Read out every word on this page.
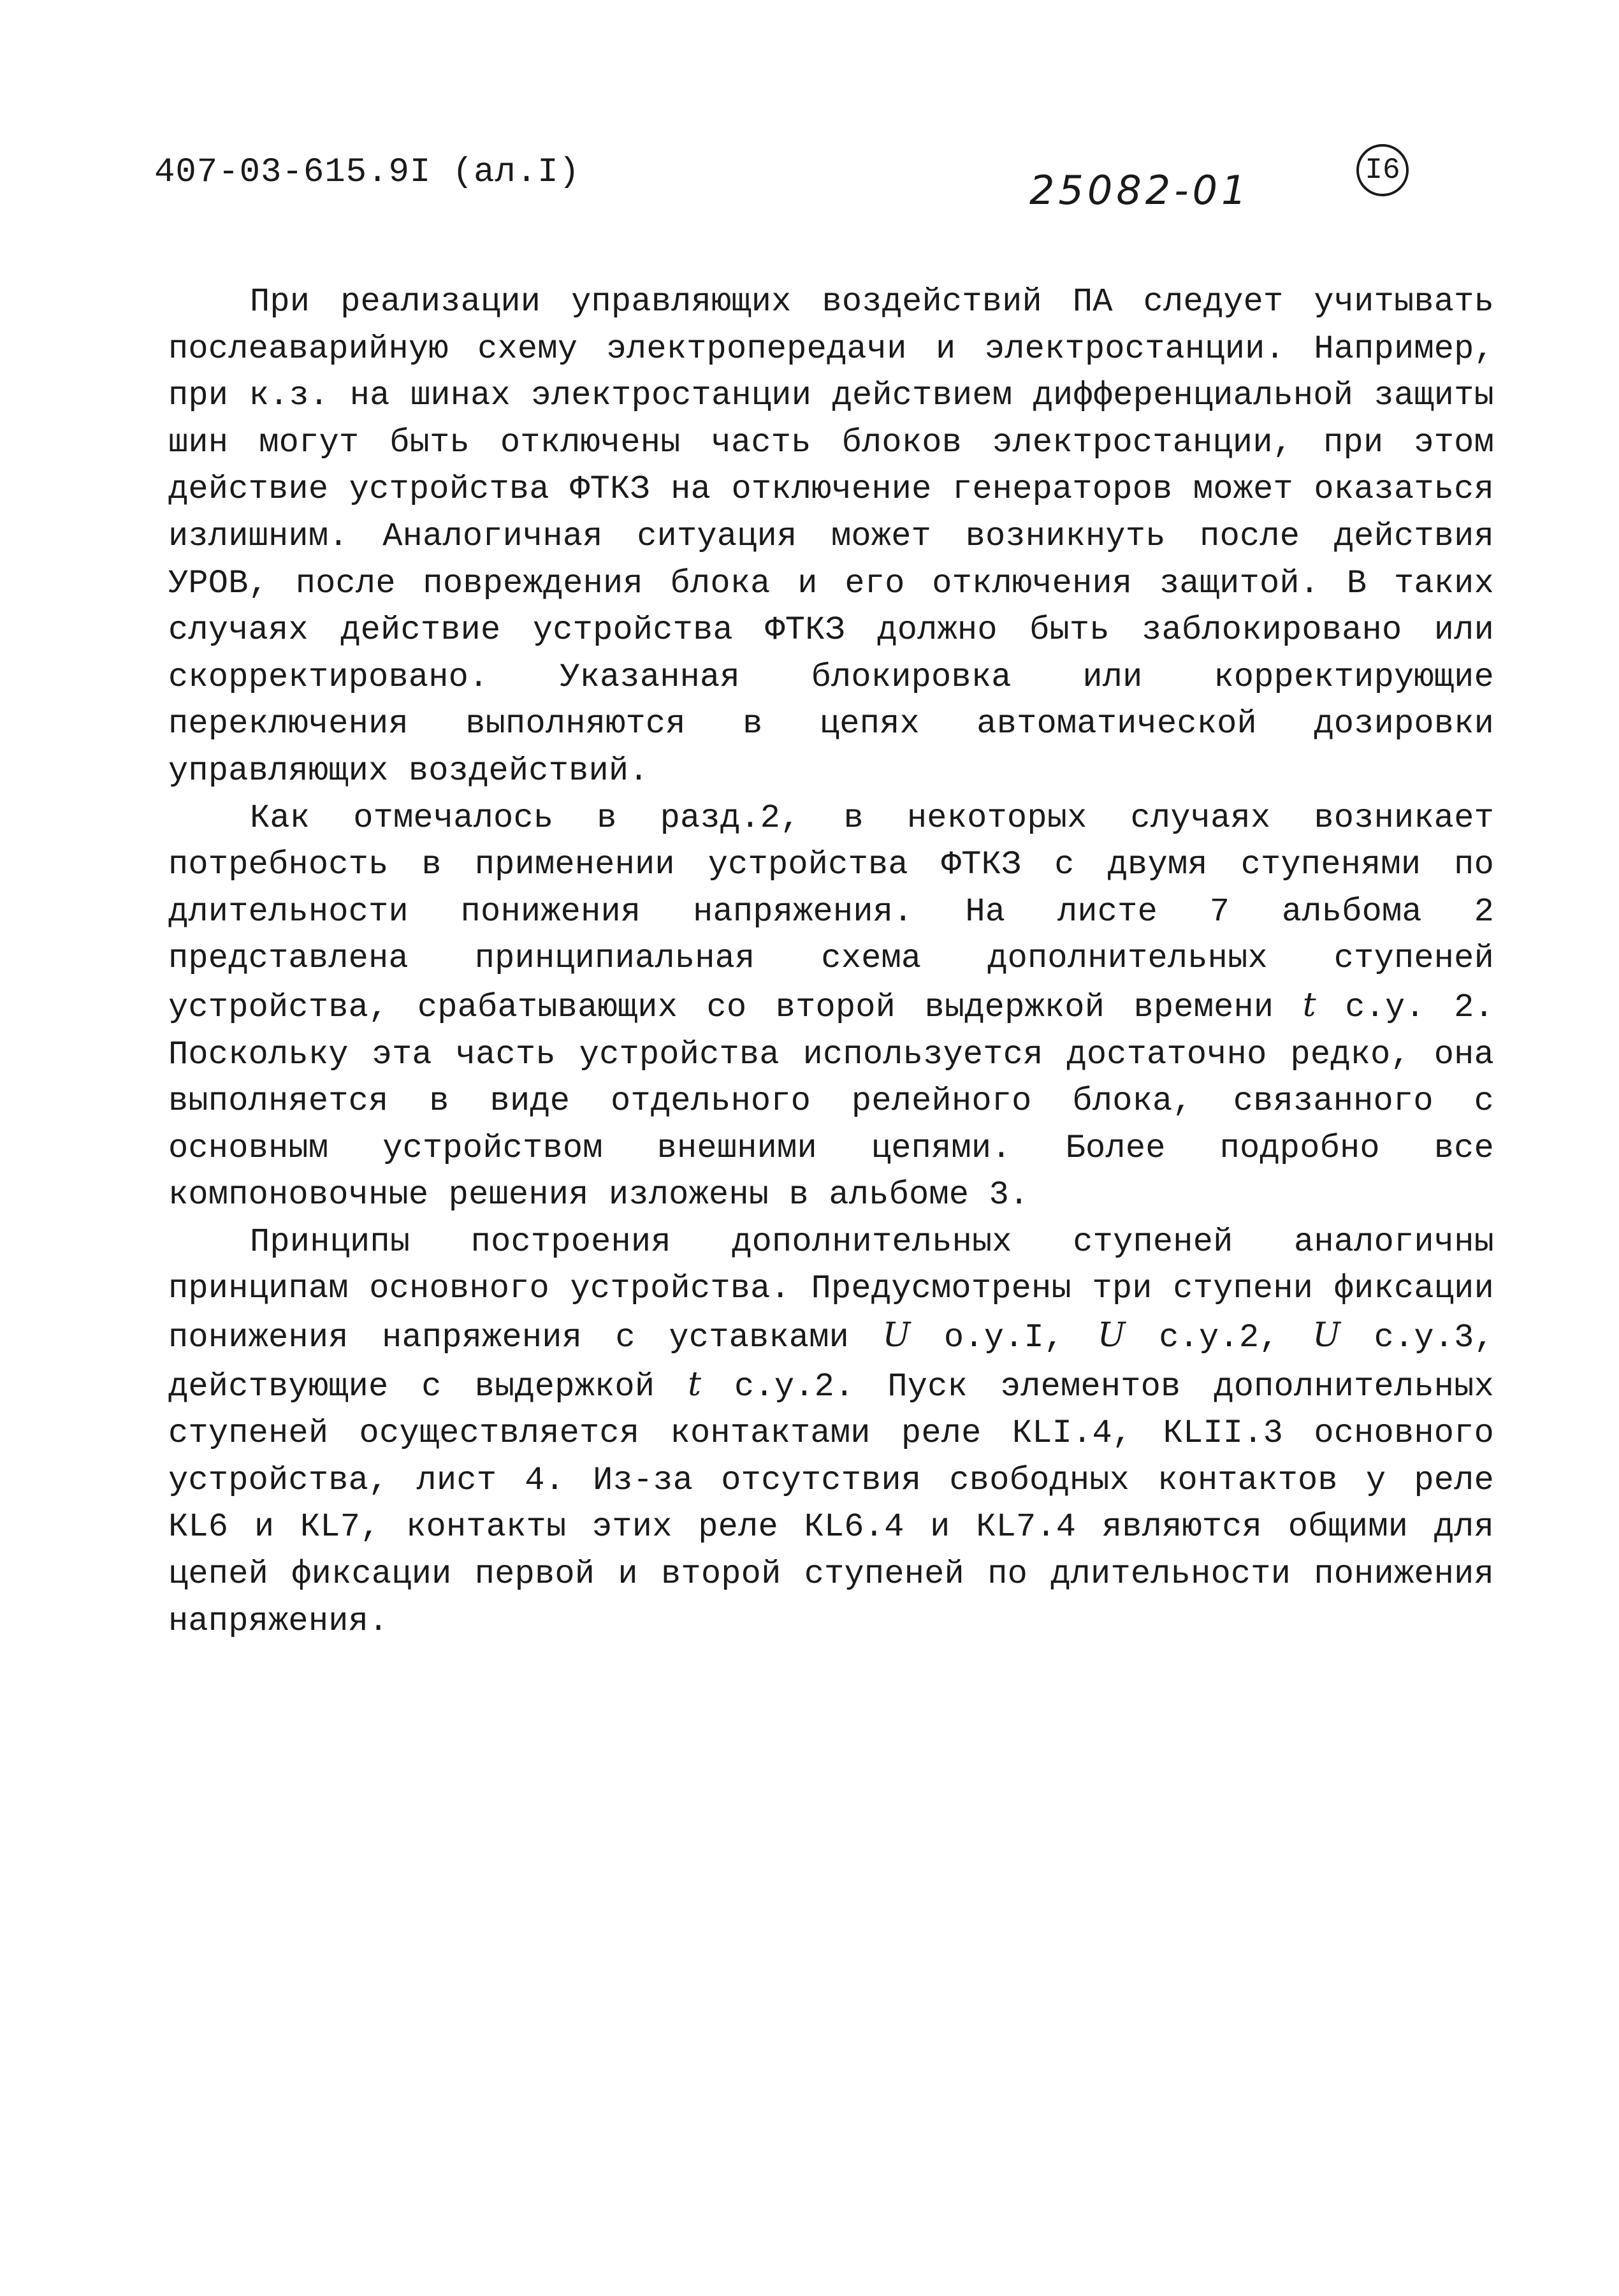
407-03-615.9I (ал.I)	25082-01	I6

При реализации управляющих воздействий ПА следует учитывать послеаварийную схему электропередачи и электростанции. Например, при к.з. на шинах электростанции действием дифференциальной защиты шин могут быть отключены часть блоков электростанции, при этом действие устройства ФТКЗ на отключение генераторов может оказаться излишним. Аналогичная ситуация может возникнуть после действия УРОВ, после повреждения блока и его отключения защитой. В таких случаях действие устройства ФТКЗ должно быть заблокировано или скорректировано. Указанная блокировка или корректирующие переключения выполняются в цепях автоматической дозировки управляющих воздействий.

Как отмечалось в разд.2, в некоторых случаях возникает потребность в применении устройства ФТКЗ с двумя ступенями по длительности понижения напряжения. На листе 7 альбома 2 представлена принципиальная схема дополнительных ступеней устройства, срабатывающих со второй выдержкой времени t с.у. 2. Поскольку эта часть устройства используется достаточно редко, она выполняется в виде отдельного релейного блока, связанного с основным устройством внешними цепями. Более подробно все компоновочные решения изложены в альбоме 3.

Принципы построения дополнительных ступеней аналогичны принципам основного устройства. Предусмотрены три ступени фиксации понижения напряжения с уставками U о.у.I, U с.у.2, U с.у.3, действующие с выдержкой t с.у.2. Пуск элементов дополнительных ступеней осуществляется контактами реле КLI.4, КLII.3 основного устройства, лист 4. Из-за отсутствия свободных контактов у реле КL6 и КL7, контакты этих реле КL6.4 и КL7.4 являются общими для цепей фиксации первой и второй ступеней по длительности понижения напряжения.
